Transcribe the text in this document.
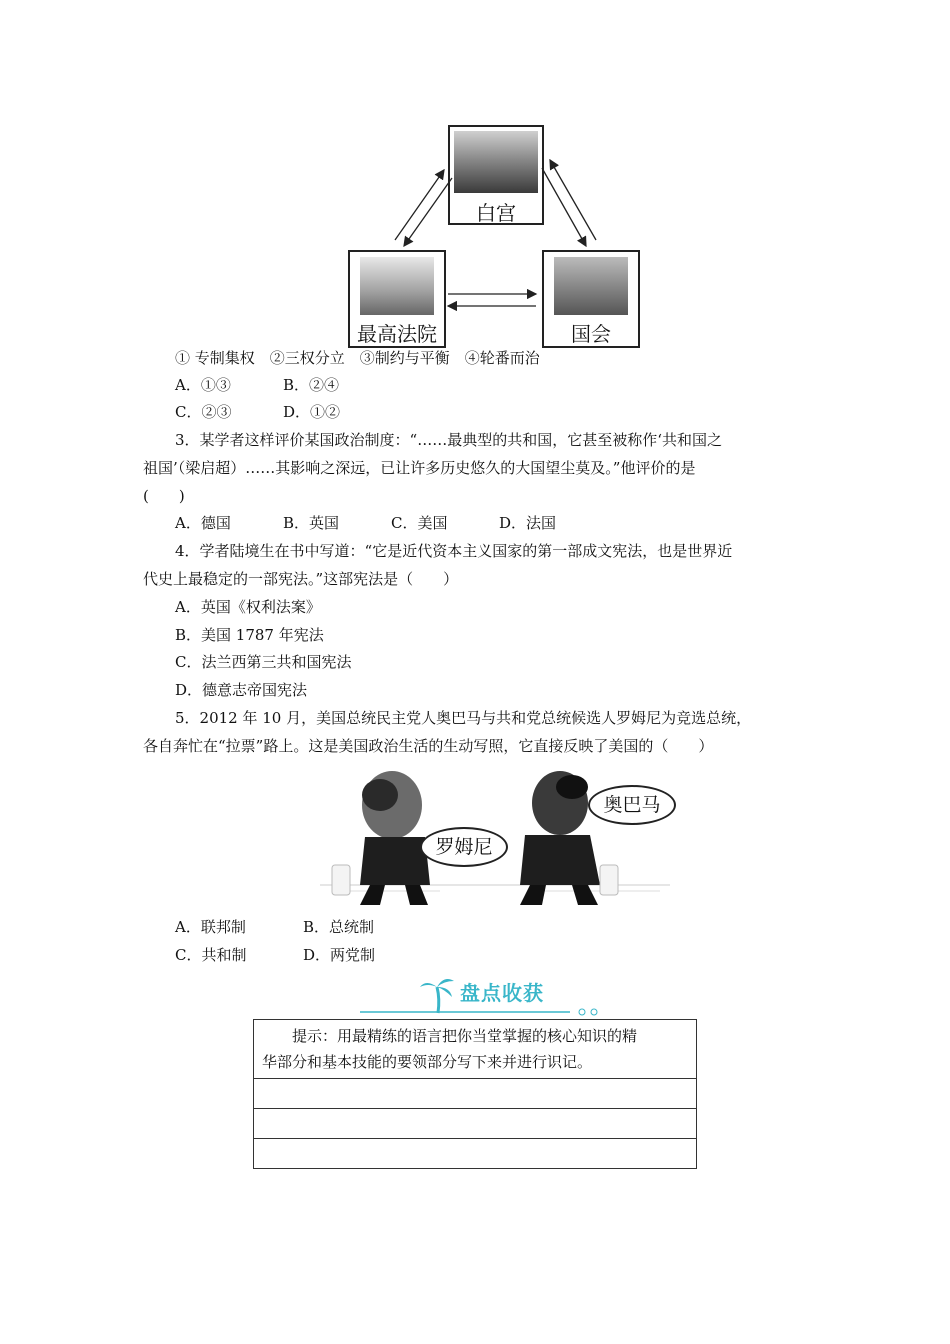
白宫
最高法院	国会
① 专制集权　②三权分立　③制约与平衡　④轮番而治
A．①③	B．②④
C．②③	D．①②
3．某学者这样评价某国政治制度：“……最典型的共和国，它甚至被称作‘共和国之
祖国’（梁启超）……其影响之深远，已让许多历史悠久的大国望尘莫及。”他评价的是
(　　)
A．德国	B．英国	C．美国	D．法国
4．学者陆境生在书中写道：“它是近代资本主义国家的第一部成文宪法，也是世界近
代史上最稳定的一部宪法。”这部宪法是（　　）
A．英国《权利法案》
B．美国 1787 年宪法
C．法兰西第三共和国宪法
D．德意志帝国宪法
5．2012 年 10 月，美国总统民主党人奥巴马与共和党总统候选人罗姆尼为竞选总统，
各自奔忙在“拉票”路上。这是美国政治生活的生动写照，它直接反映了美国的（　　）
罗姆尼
奥巴马
A．联邦制	B．总统制
C．共和制	D．两党制
盘点收获
提示：用最精练的语言把你当堂掌握的核心知识的精
华部分和基本技能的要领部分写下来并进行识记。
